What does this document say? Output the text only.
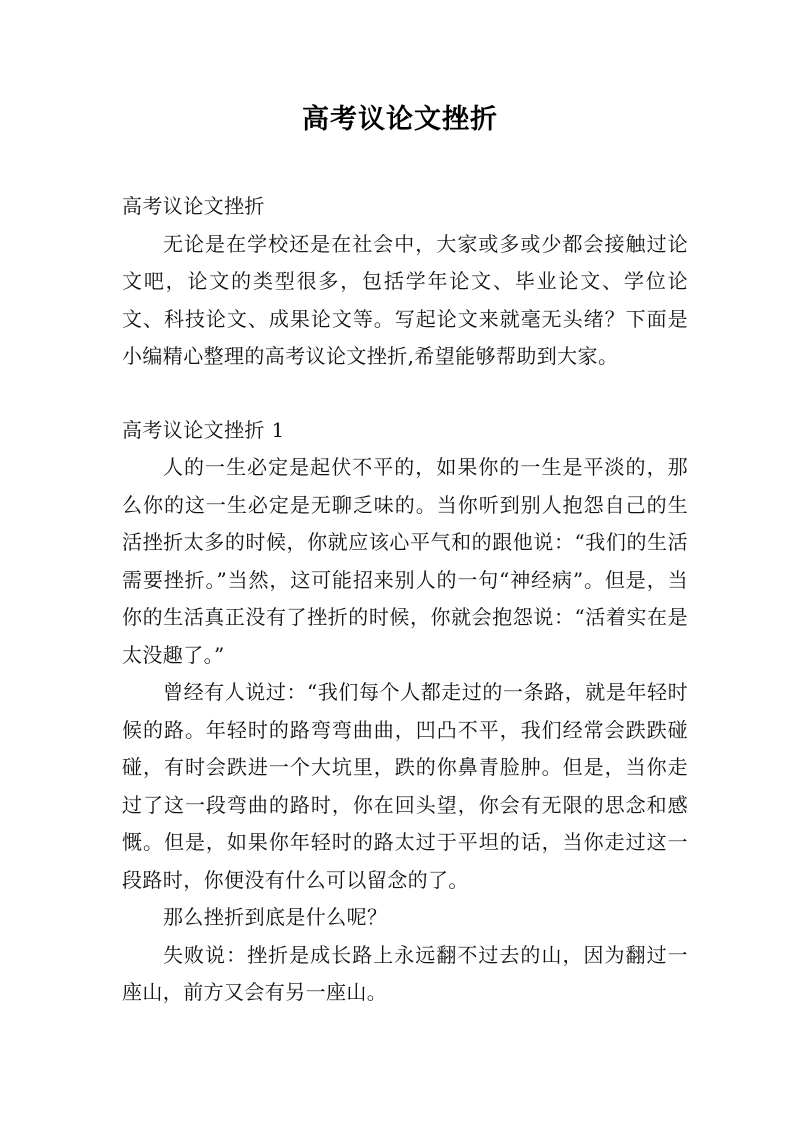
高考议论文挫折

高考议论文挫折

无论是在学校还是在社会中，大家或多或少都会接触过论文吧，论文的类型很多，包括学年论文、毕业论文、学位论文、科技论文、成果论文等。写起论文来就毫无头绪？下面是小编精心整理的高考议论文挫折,希望能够帮助到大家。

高考议论文挫折 1

人的一生必定是起伏不平的，如果你的一生是平淡的，那么你的这一生必定是无聊乏味的。当你听到别人抱怨自己的生活挫折太多的时候，你就应该心平气和的跟他说：“我们的生活需要挫折。”当然，这可能招来别人的一句“神经病”。但是，当你的生活真正没有了挫折的时候，你就会抱怨说：“活着实在是太没趣了。”

曾经有人说过：“我们每个人都走过的一条路，就是年轻时候的路。年轻时的路弯弯曲曲，凹凸不平，我们经常会跌跌碰碰，有时会跌进一个大坑里，跌的你鼻青脸肿。但是，当你走过了这一段弯曲的路时，你在回头望，你会有无限的思念和感慨。但是，如果你年轻时的路太过于平坦的话，当你走过这一段路时，你便没有什么可以留念的了。

那么挫折到底是什么呢？

失败说：挫折是成长路上永远翻不过去的山，因为翻过一座山，前方又会有另一座山。
